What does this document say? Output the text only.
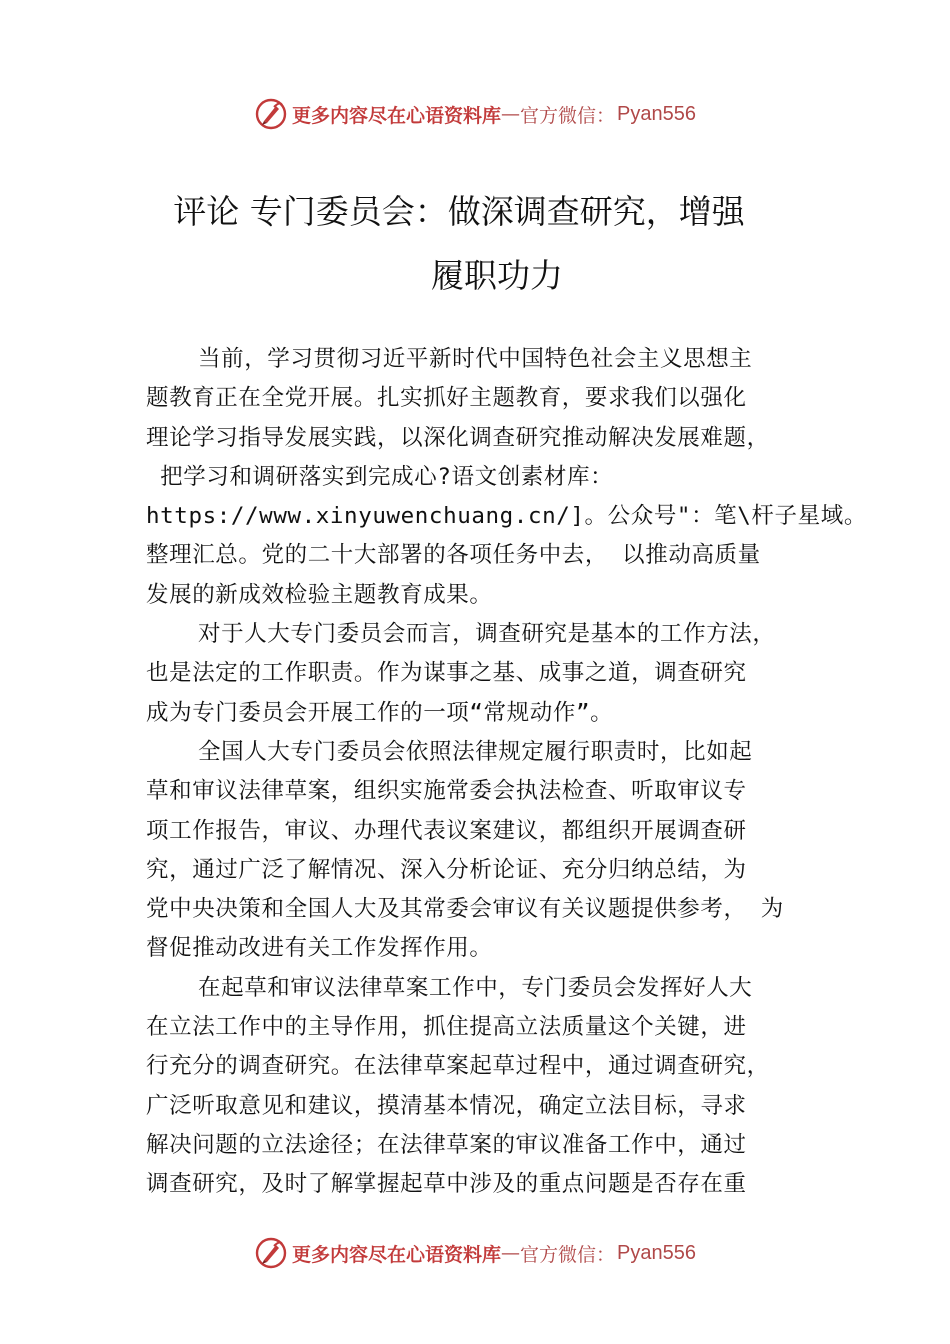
更多内容尽在心语资料库 — 官方微信： Pyan556
评论 专门委员会：做深调查研究，增强
履职功力
当前，学习贯彻习近平新时代中国特色社会主义思想主
题教育正在全党开展。扎实抓好主题教育，要求我们以强化
理论学习指导发展实践，以深化调查研究推动解决发展难题，
把学习和调研落实到完成心?语文创素材库：
https://www.xinyuwenchuang.cn/]。公众号"：笔\杆子星域。
整理汇总。党的二十大部署的各项任务中去， 以推动高质量
发展的新成效检验主题教育成果。
对于人大专门委员会而言，调查研究是基本的工作方法，
也是法定的工作职责。作为谋事之基、成事之道，调查研究
成为专门委员会开展工作的一项“常规动作”。
全国人大专门委员会依照法律规定履行职责时，比如起
草和审议法律草案，组织实施常委会执法检查、听取审议专
项工作报告，审议、办理代表议案建议，都组织开展调查研
究，通过广泛了解情况、深入分析论证、充分归纳总结，为
党中央决策和全国人大及其常委会审议有关议题提供参考， 为
督促推动改进有关工作发挥作用。
在起草和审议法律草案工作中，专门委员会发挥好人大
在立法工作中的主导作用，抓住提高立法质量这个关键，进
行充分的调查研究。在法律草案起草过程中，通过调查研究，
广泛听取意见和建议，摸清基本情况，确定立法目标，寻求
解决问题的立法途径；在法律草案的审议准备工作中，通过
调查研究，及时了解掌握起草中涉及的重点问题是否存在重
更多内容尽在心语资料库 — 官方微信： Pyan556
